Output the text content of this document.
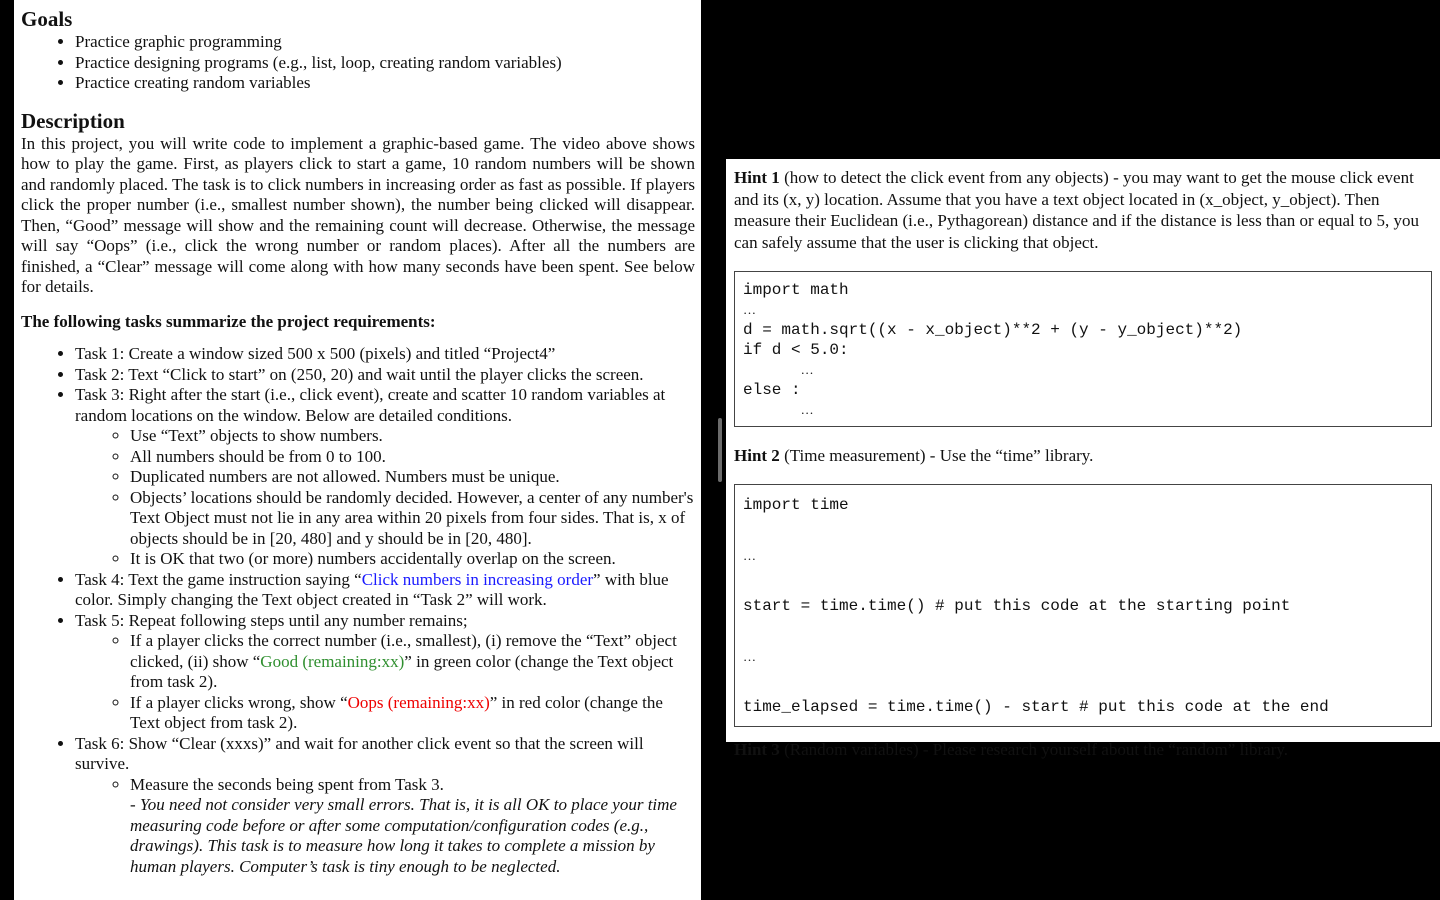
Goals
• Practice graphic programming
• Practice designing programs (e.g., list, loop, creating random variables)
• Practice creating random variables
Description

In this project, you will write code to implement a graphic-based game. The video above shows how to play the game. First, as players click to start a game, 10 random numbers will be shown and randomly placed. The task is to click numbers in increasing order as fast as possible. If players click the proper number (i.e., smallest number shown), the number being clicked will disappear. Then, “Good” message will show and the remaining count will decrease. Otherwise, the message will say “Oops” (i.e., click the wrong number or random places). After all the numbers are finished, a “Clear” message will come along with how many seconds have been spent. See below for details.

The following tasks summarize the project requirements:
• Task 1: Create a window sized 500 x 500 (pixels) and titled “Project4”
• Task 2: Text “Click to start” on (250, 20) and wait until the player clicks the screen.
• Task 3: Right after the start (i.e., click event), create and scatter 10 random variables at random locations on the window. Below are detailed conditions.
◦ Use “Text” objects to show numbers.
◦ All numbers should be from 0 to 100.
◦ Duplicated numbers are not allowed. Numbers must be unique.
◦ Objects’ locations should be randomly decided. However, a center of any number's Text Object must not lie in any area within 20 pixels from four sides. That is, x of objects should be in [20, 480] and y should be in [20, 480].
◦ It is OK that two (or more) numbers accidentally overlap on the screen.
• Task 4: Text the game instruction saying “Click numbers in increasing order” with blue color. Simply changing the Text object created in “Task 2” will work.
• Task 5: Repeat following steps until any number remains;
◦ If a player clicks the correct number (i.e., smallest), (i) remove the “Text” object clicked, (ii) show “Good (remaining:xx)” in green color (change the Text object from task 2).
◦ If a player clicks wrong, show “Oops (remaining:xx)” in red color (change the Text object from task 2).
• Task 6: Show “Clear (xxxs)” and wait for another click event so that the screen will survive.
◦ Measure the seconds being spent from Task 3.
- You need not consider very small errors. That is, it is all OK to place your time measuring code before or after some computation/configuration codes (e.g., drawings). This task is to measure how long it takes to complete a mission by human players. Computer’s task is tiny enough to be neglected.

Hint 1 (how to detect the click event from any objects) - you may want to get the mouse click event and its (x, y) location. Assume that you have a text object located in (x_object, y_object). Then measure their Euclidean (i.e., Pythagorean) distance and if the distance is less than or equal to 5, you can safely assume that the user is clicking that object.

import math
…
d = math.sqrt((x - x_object)**2 + (y - y_object)**2)
if d < 5.0:
…
else :
…

Hint 2 (Time measurement) - Use the “time” library.

import time

…

start = time.time() # put this code at the starting point

…

time_elapsed = time.time() - start # put this code at the end

Hint 3 (Random variables) - Please research yourself about the “random” library.
